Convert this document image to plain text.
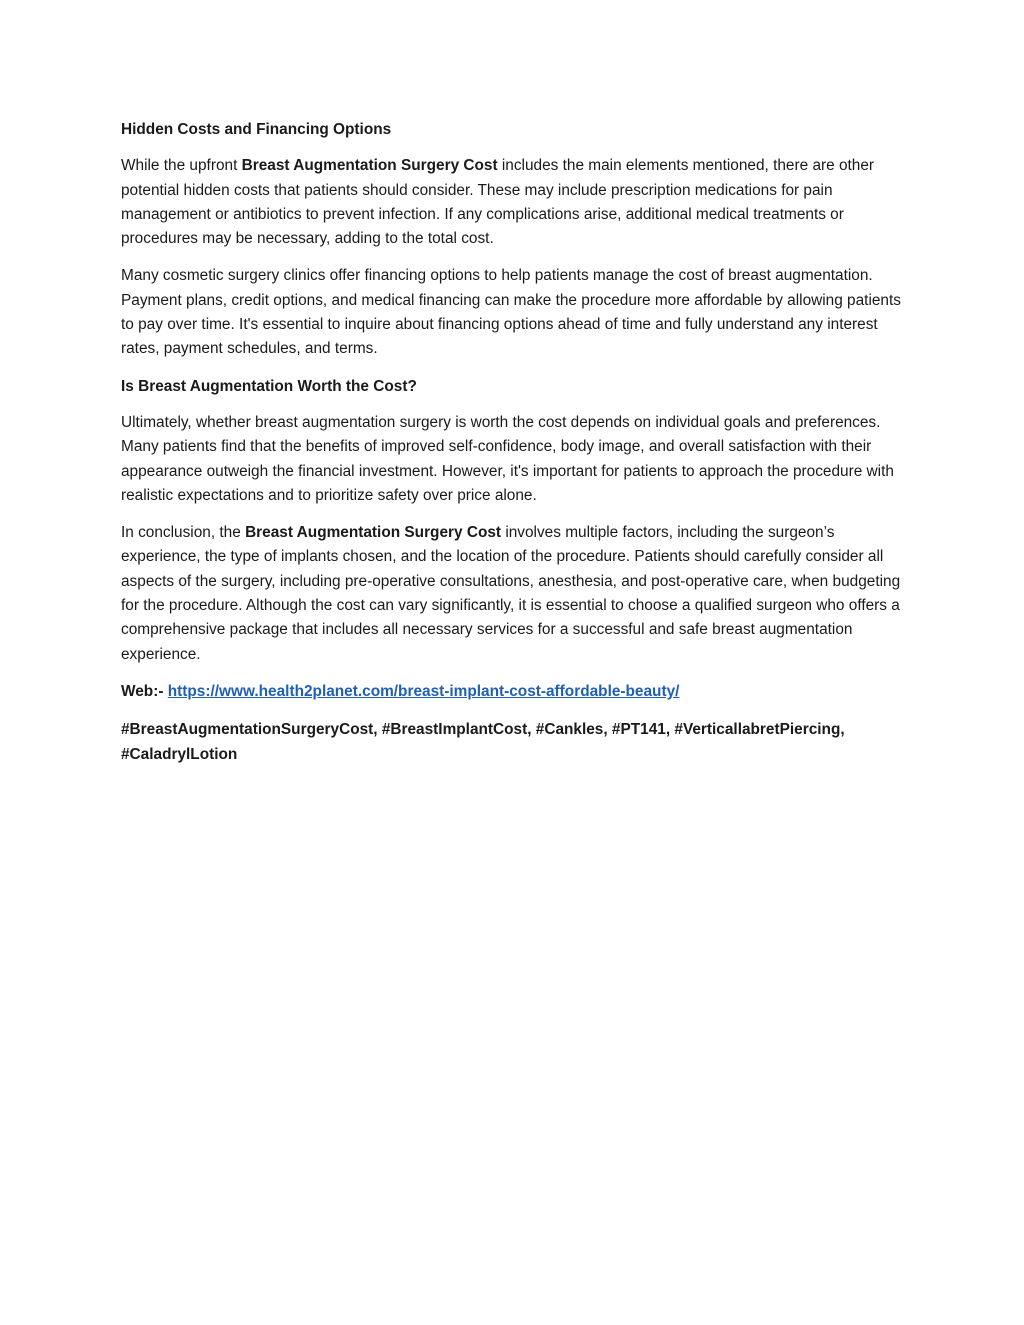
Hidden Costs and Financing Options

While the upfront Breast Augmentation Surgery Cost includes the main elements mentioned, there are other potential hidden costs that patients should consider. These may include prescription medications for pain management or antibiotics to prevent infection. If any complications arise, additional medical treatments or procedures may be necessary, adding to the total cost.

Many cosmetic surgery clinics offer financing options to help patients manage the cost of breast augmentation. Payment plans, credit options, and medical financing can make the procedure more affordable by allowing patients to pay over time. It's essential to inquire about financing options ahead of time and fully understand any interest rates, payment schedules, and terms.

Is Breast Augmentation Worth the Cost?

Ultimately, whether breast augmentation surgery is worth the cost depends on individual goals and preferences. Many patients find that the benefits of improved self-confidence, body image, and overall satisfaction with their appearance outweigh the financial investment. However, it's important for patients to approach the procedure with realistic expectations and to prioritize safety over price alone.

In conclusion, the Breast Augmentation Surgery Cost involves multiple factors, including the surgeon’s experience, the type of implants chosen, and the location of the procedure. Patients should carefully consider all aspects of the surgery, including pre-operative consultations, anesthesia, and post-operative care, when budgeting for the procedure. Although the cost can vary significantly, it is essential to choose a qualified surgeon who offers a comprehensive package that includes all necessary services for a successful and safe breast augmentation experience.

Web:- https://www.health2planet.com/breast-implant-cost-affordable-beauty/

#BreastAugmentationSurgeryCost, #BreastImplantCost, #Cankles, #PT141, #VerticallabretPiercing, #CaladrylLotion
